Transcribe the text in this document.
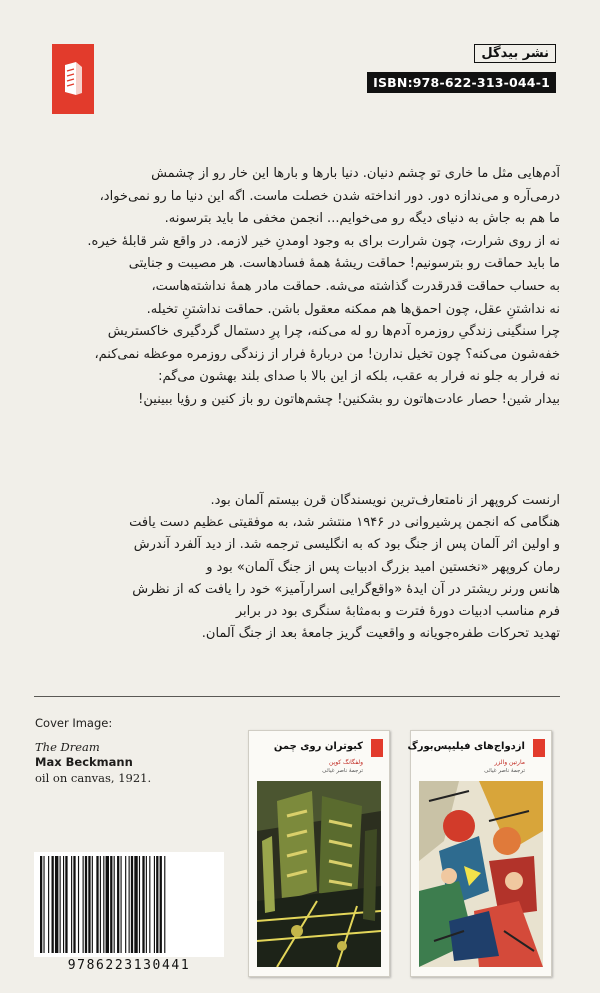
نشر بیدگل
ISBN:978-622-313-044-1
آدم‌هایی مثل ما خاری تو چشم دنیان. دنیا بارها و بارها این خار رو از چشمش
درمی‌آره و می‌ندازه دور. دور انداخته شدن خصلت ماست. اگه این دنیا ما رو نمی‌خواد،
ما هم به جاش به دنیای دیگه رو می‌خوایم... انجمن مخفی ما باید بترسونه.
نه از روی شرارت، چون شرارت برای به وجود اومدنِ خیر لازمه. در واقع شر قابلهٔ خیره.
ما باید حماقت رو بترسونیم! حماقت ریشهٔ همهٔ فسادهاست. هر مصیبت و جنایتی
به حساب حماقت قدرقدرت گذاشته می‌شه. حماقت مادر همهٔ نداشته‌هاست،
نه نداشتنِ عقل، چون احمق‌ها هم ممکنه معقول باشن. حماقت نداشتنِ تخیله.
چرا سنگینی زندگیِ روزمره آدم‌ها رو له می‌کنه، چرا پرِ دستمال گردگیری خاکستریش
خفه‌شون می‌کنه؟ چون تخیل ندارن! من دربارهٔ فرار از زندگی روزمره موعظه نمی‌کنم،
نه فرار به جلو نه فرار به عقب، بلکه از این بالا با صدای بلند بهشون می‌گم:
بیدار شین! حصار عادت‌هاتون رو بشکنین! چشم‌هاتون رو باز کنین و رؤیا ببینین!
ارنست کروپهر از نامتعارف‌ترین نویسندگان قرن بیستم آلمان بود.
هنگامی که انجمن پرشیروانی در ۱۹۴۶ منتشر شد، به موفقیتی عظیم دست یافت
و اولین اثر آلمان پس از جنگ بود که به انگلیسی ترجمه شد. از دید آلفرد آندرش
رمان کروپهر «نخستین امید بزرگ ادبیات پس از جنگ آلمان» بود و
هانس ورنر ریشتر در آن ایدهٔ «واقع‌گرایی اسرارآمیز» خود را یافت که از نظرش
فرم مناسب ادبیات دورهٔ فترت و به‌مثابهٔ سنگری بود در برابر
تهدید تحرکات طفره‌جویانه و واقعیت گریز جامعهٔ بعد از جنگ آلمان.
Cover Image:
The Dream
Max Beckmann
oil on canvas, 1921.
ازدواج‌های فیلیپس‌بورگ
مارتین والزر
ترجمهٔ ناصر غیاثی
کبوتران روی چمن
ولفگانگ کوپن
ترجمهٔ ناصر غیاثی
9786223130441
